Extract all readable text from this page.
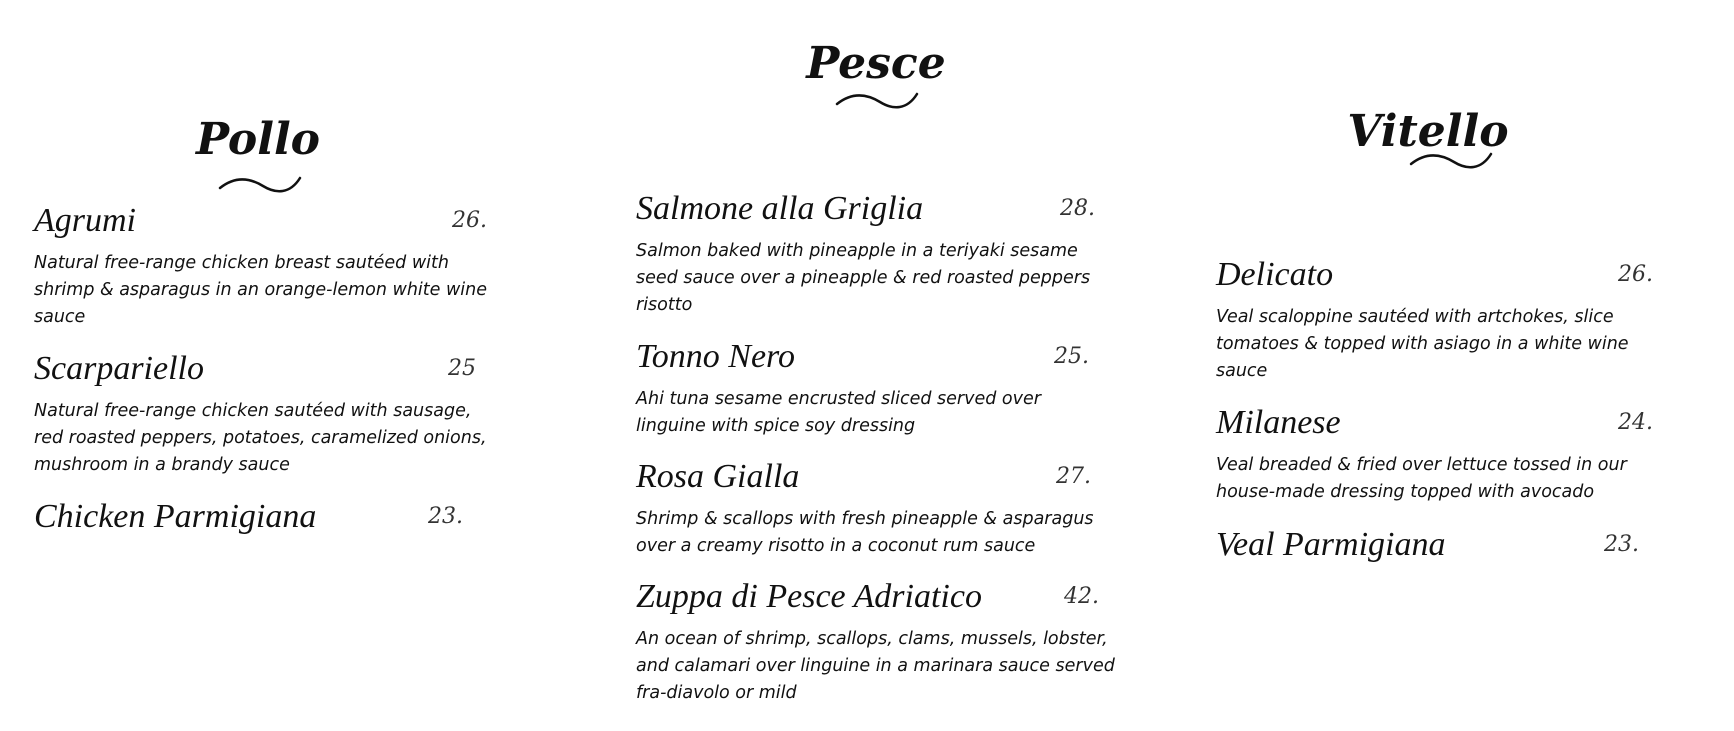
Pollo
Agrumi	26.
Natural free-range chicken breast sautéed with shrimp & asparagus in an orange-lemon white wine sauce
Scarpariello	25
Natural free-range chicken sautéed with sausage, red roasted peppers, potatoes, caramelized onions, mushroom in a brandy sauce
Chicken Parmigiana	23.
Pesce
Salmone alla Griglia	28.
Salmon baked with pineapple in a teriyaki sesame seed sauce over a pineapple & red roasted peppers risotto
Tonno Nero	25.
Ahi tuna sesame encrusted sliced served over linguine with spice soy dressing
Rosa Gialla	27.
Shrimp & scallops with fresh pineapple & asparagus over a creamy risotto in a coconut rum sauce
Zuppa di Pesce Adriatico	42.
An ocean of shrimp, scallops, clams, mussels, lobster, and calamari over linguine in a marinara sauce served fra-diavolo or mild
Vitello
Delicato	26.
Veal scaloppine sautéed with artchokes, slice tomatoes & topped with asiago in a white wine sauce
Milanese	24.
Veal breaded & fried over lettuce tossed in our house-made dressing topped with avocado
Veal Parmigiana	23.
